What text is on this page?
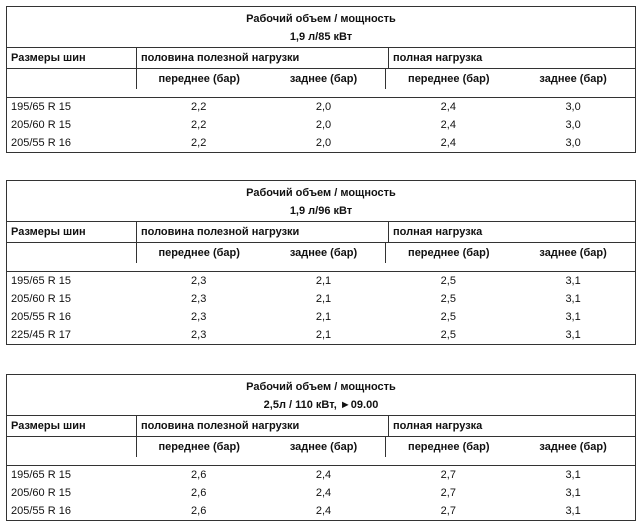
Рабочий объем / мощность
1,9 л/85 кВт
Размеры шин	половина полезной нагрузки	полная нагрузка
переднее (бар)	заднее (бар)	переднее (бар)	заднее (бар)
195/65 R 15	2,2	2,0	2,4	3,0
205/60 R 15	2,2	2,0	2,4	3,0
205/55 R 16	2,2	2,0	2,4	3,0
Рабочий объем / мощность
1,9 л/96 кВт
Размеры шин	половина полезной нагрузки	полная нагрузка
переднее (бар)	заднее (бар)	переднее (бар)	заднее (бар)
195/65 R 15	2,3	2,1	2,5	3,1
205/60 R 15	2,3	2,1	2,5	3,1
205/55 R 16	2,3	2,1	2,5	3,1
225/45 R 17	2,3	2,1	2,5	3,1
Рабочий объем / мощность
2,5л / 110 кВт, ►09.00
Размеры шин	половина полезной нагрузки	полная нагрузка
переднее (бар)	заднее (бар)	переднее (бар)	заднее (бар)
195/65 R 15	2,6	2,4	2,7	3,1
205/60 R 15	2,6	2,4	2,7	3,1
205/55 R 16	2,6	2,4	2,7	3,1
